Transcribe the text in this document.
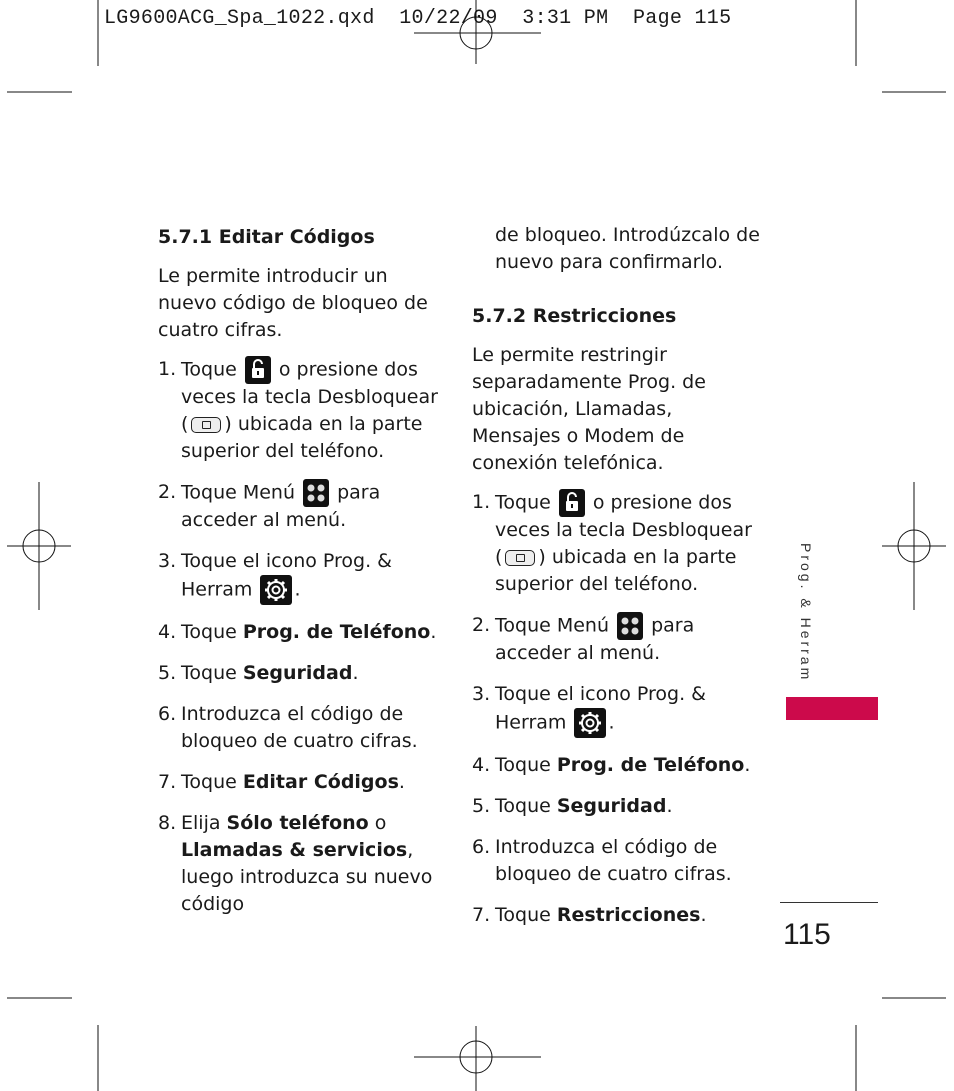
LG9600ACG_Spa_1022.qxd  10/22/09  3:31 PM  Page 115

5.7.1 Editar Códigos

Le permite introducir un nuevo código de bloqueo de cuatro cifras.

1. Toque o presione dos veces la tecla Desbloquear ( ) ubicada en la parte superior del teléfono.
2. Toque Menú para acceder al menú.
3. Toque el icono Prog. & Herram .
4. Toque Prog. de Teléfono.
5. Toque Seguridad.
6. Introduzca el código de bloqueo de cuatro cifras.
7. Toque Editar Códigos.
8. Elija Sólo teléfono o Llamadas & servicios, luego introduzca su nuevo código

de bloqueo. Introdúzcalo de nuevo para confirmarlo.

5.7.2 Restricciones

Le permite restringir separadamente Prog. de ubicación, Llamadas, Mensajes o Modem de conexión telefónica.

1. Toque o presione dos veces la tecla Desbloquear ( ) ubicada en la parte superior del teléfono.
2. Toque Menú para acceder al menú.
3. Toque el icono Prog. & Herram .
4. Toque Prog. de Teléfono.
5. Toque Seguridad.
6. Introduzca el código de bloqueo de cuatro cifras.
7. Toque Restricciones.
Prog. & Herram
115
